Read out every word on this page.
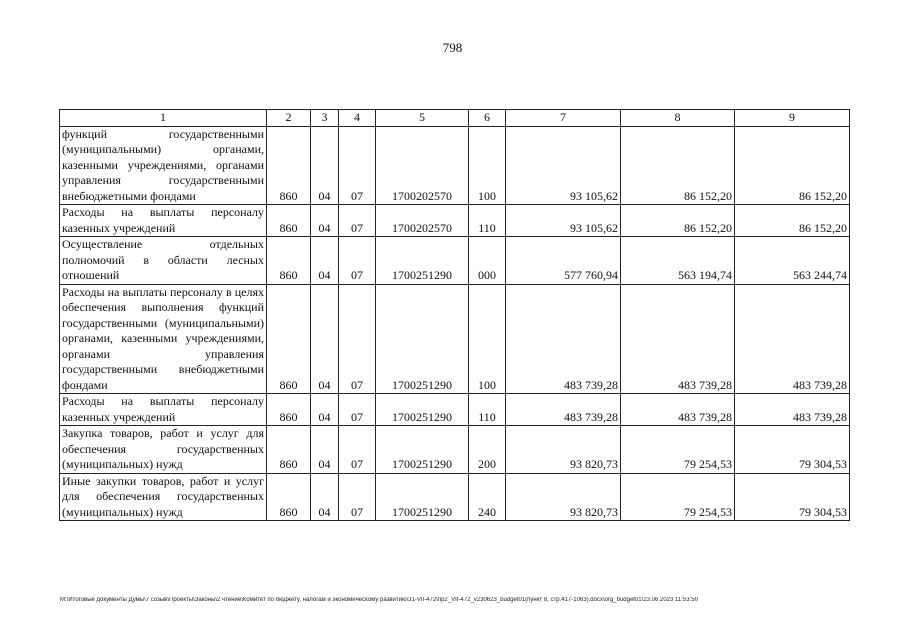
798
1	2	3	4	5	6	7	8	9
функций государственными (муниципальными) органами, казенными учреждениями, органами управления государственными внебюджетными фондами	860	04	07	1700202570	100	93 105,62	86 152,20	86 152,20
Расходы на выплаты персоналу казенных учреждений	860	04	07	1700202570	110	93 105,62	86 152,20	86 152,20
Осуществление отдельных полномочий в области лесных отношений	860	04	07	1700251290	000	577 760,94	563 194,74	563 244,74
Расходы на выплаты персоналу в целях обеспечения выполнения функций государственными (муниципальными) органами, казенными учреждениями, органами управления государственными внебюджетными фондами	860	04	07	1700251290	100	483 739,28	483 739,28	483 739,28
Расходы на выплаты персоналу казенных учреждений	860	04	07	1700251290	110	483 739,28	483 739,28	483 739,28
Закупка товаров, работ и услуг для обеспечения государственных (муниципальных) нужд	860	04	07	1700251290	200	93 820,73	79 254,53	79 304,53
Иные закупки товаров, работ и услуг для обеспечения государственных (муниципальных) нужд	860	04	07	1700251290	240	93 820,73	79 254,53	79 304,53
М:\Итоговые документы Думы\7 созыв\Проекты\Законы\2 чтение\Комитет по бюджету, налогам и экономическому развитию\31-VII-472\пр2_VII-472_v230623_budget01(пункт 8, стр.417-1063).docx\org_budget01\23.06.2023 11:53:50
